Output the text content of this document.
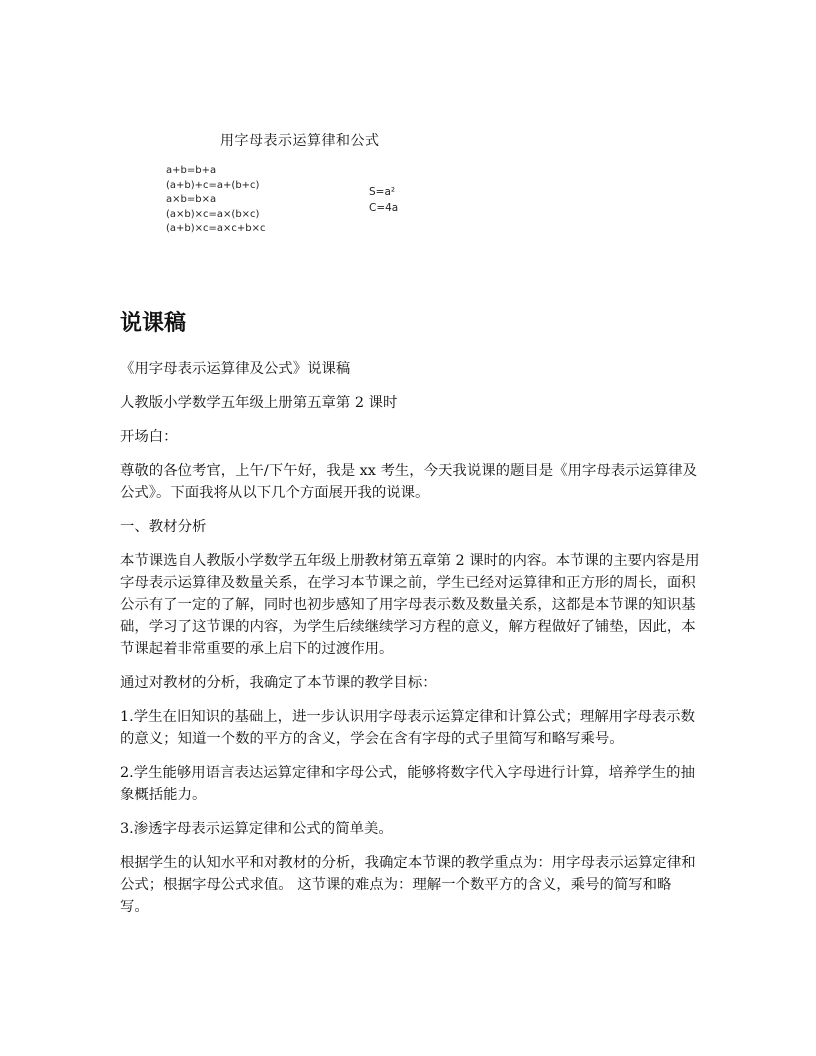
用字母表示运算律和公式
a+b=b+a
(a+b)+c=a+(b+c)
a×b=b×a
(a×b)×c=a×(b×c)
(a+b)×c=a×c+b×c
S=a²
C=4a
说课稿

《用字母表示运算律及公式》说课稿

人教版小学数学五年级上册第五章第 2 课时

开场白：

尊敬的各位考官，上午/下午好，我是 xx 考生，今天我说课的题目是《用字母表示运算律及公式》。下面我将从以下几个方面展开我的说课。

一、教材分析

本节课选自人教版小学数学五年级上册教材第五章第 2 课时的内容。本节课的主要内容是用字母表示运算律及数量关系，在学习本节课之前，学生已经对运算律和正方形的周长，面积公示有了一定的了解，同时也初步感知了用字母表示数及数量关系，这都是本节课的知识基础，学习了这节课的内容，为学生后续继续学习方程的意义，解方程做好了铺垫，因此，本节课起着非常重要的承上启下的过渡作用。

通过对教材的分析，我确定了本节课的教学目标：

1.学生在旧知识的基础上，进一步认识用字母表示运算定律和计算公式；理解用字母表示数的意义；知道一个数的平方的含义，学会在含有字母的式子里简写和略写乘号。

2.学生能够用语言表达运算定律和字母公式，能够将数字代入字母进行计算，培养学生的抽象概括能力。

3.渗透字母表示运算定律和公式的简单美。

根据学生的认知水平和对教材的分析，我确定本节课的教学重点为：用字母表示运算定律和公式；根据字母公式求值。 这节课的难点为：理解一个数平方的含义，乘号的简写和略写。
